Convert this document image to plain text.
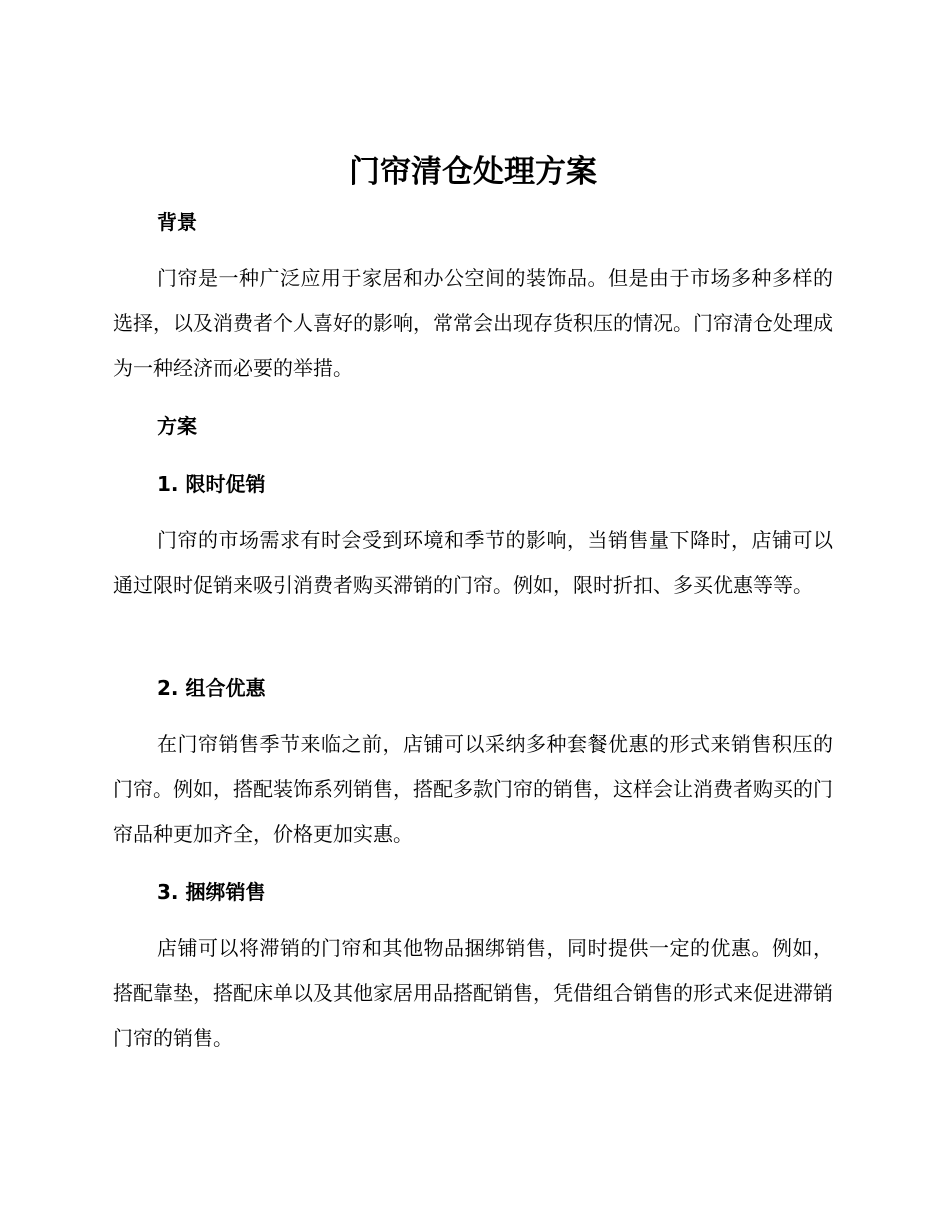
门帘清仓处理方案
背景

门帘是一种广泛应用于家居和办公空间的装饰品。但是由于市场多种多样的选择，以及消费者个人喜好的影响，常常会出现存货积压的情况。门帘清仓处理成为一种经济而必要的举措。

方案
1. 限时促销

门帘的市场需求有时会受到环境和季节的影响，当销售量下降时，店铺可以通过限时促销来吸引消费者购买滞销的门帘。例如，限时折扣、多买优惠等等。

2. 组合优惠

在门帘销售季节来临之前，店铺可以采纳多种套餐优惠的形式来销售积压的门帘。例如，搭配装饰系列销售，搭配多款门帘的销售，这样会让消费者购买的门帘品种更加齐全，价格更加实惠。

3. 捆绑销售

店铺可以将滞销的门帘和其他物品捆绑销售，同时提供一定的优惠。例如，搭配靠垫，搭配床单以及其他家居用品搭配销售，凭借组合销售的形式来促进滞销门帘的销售。
